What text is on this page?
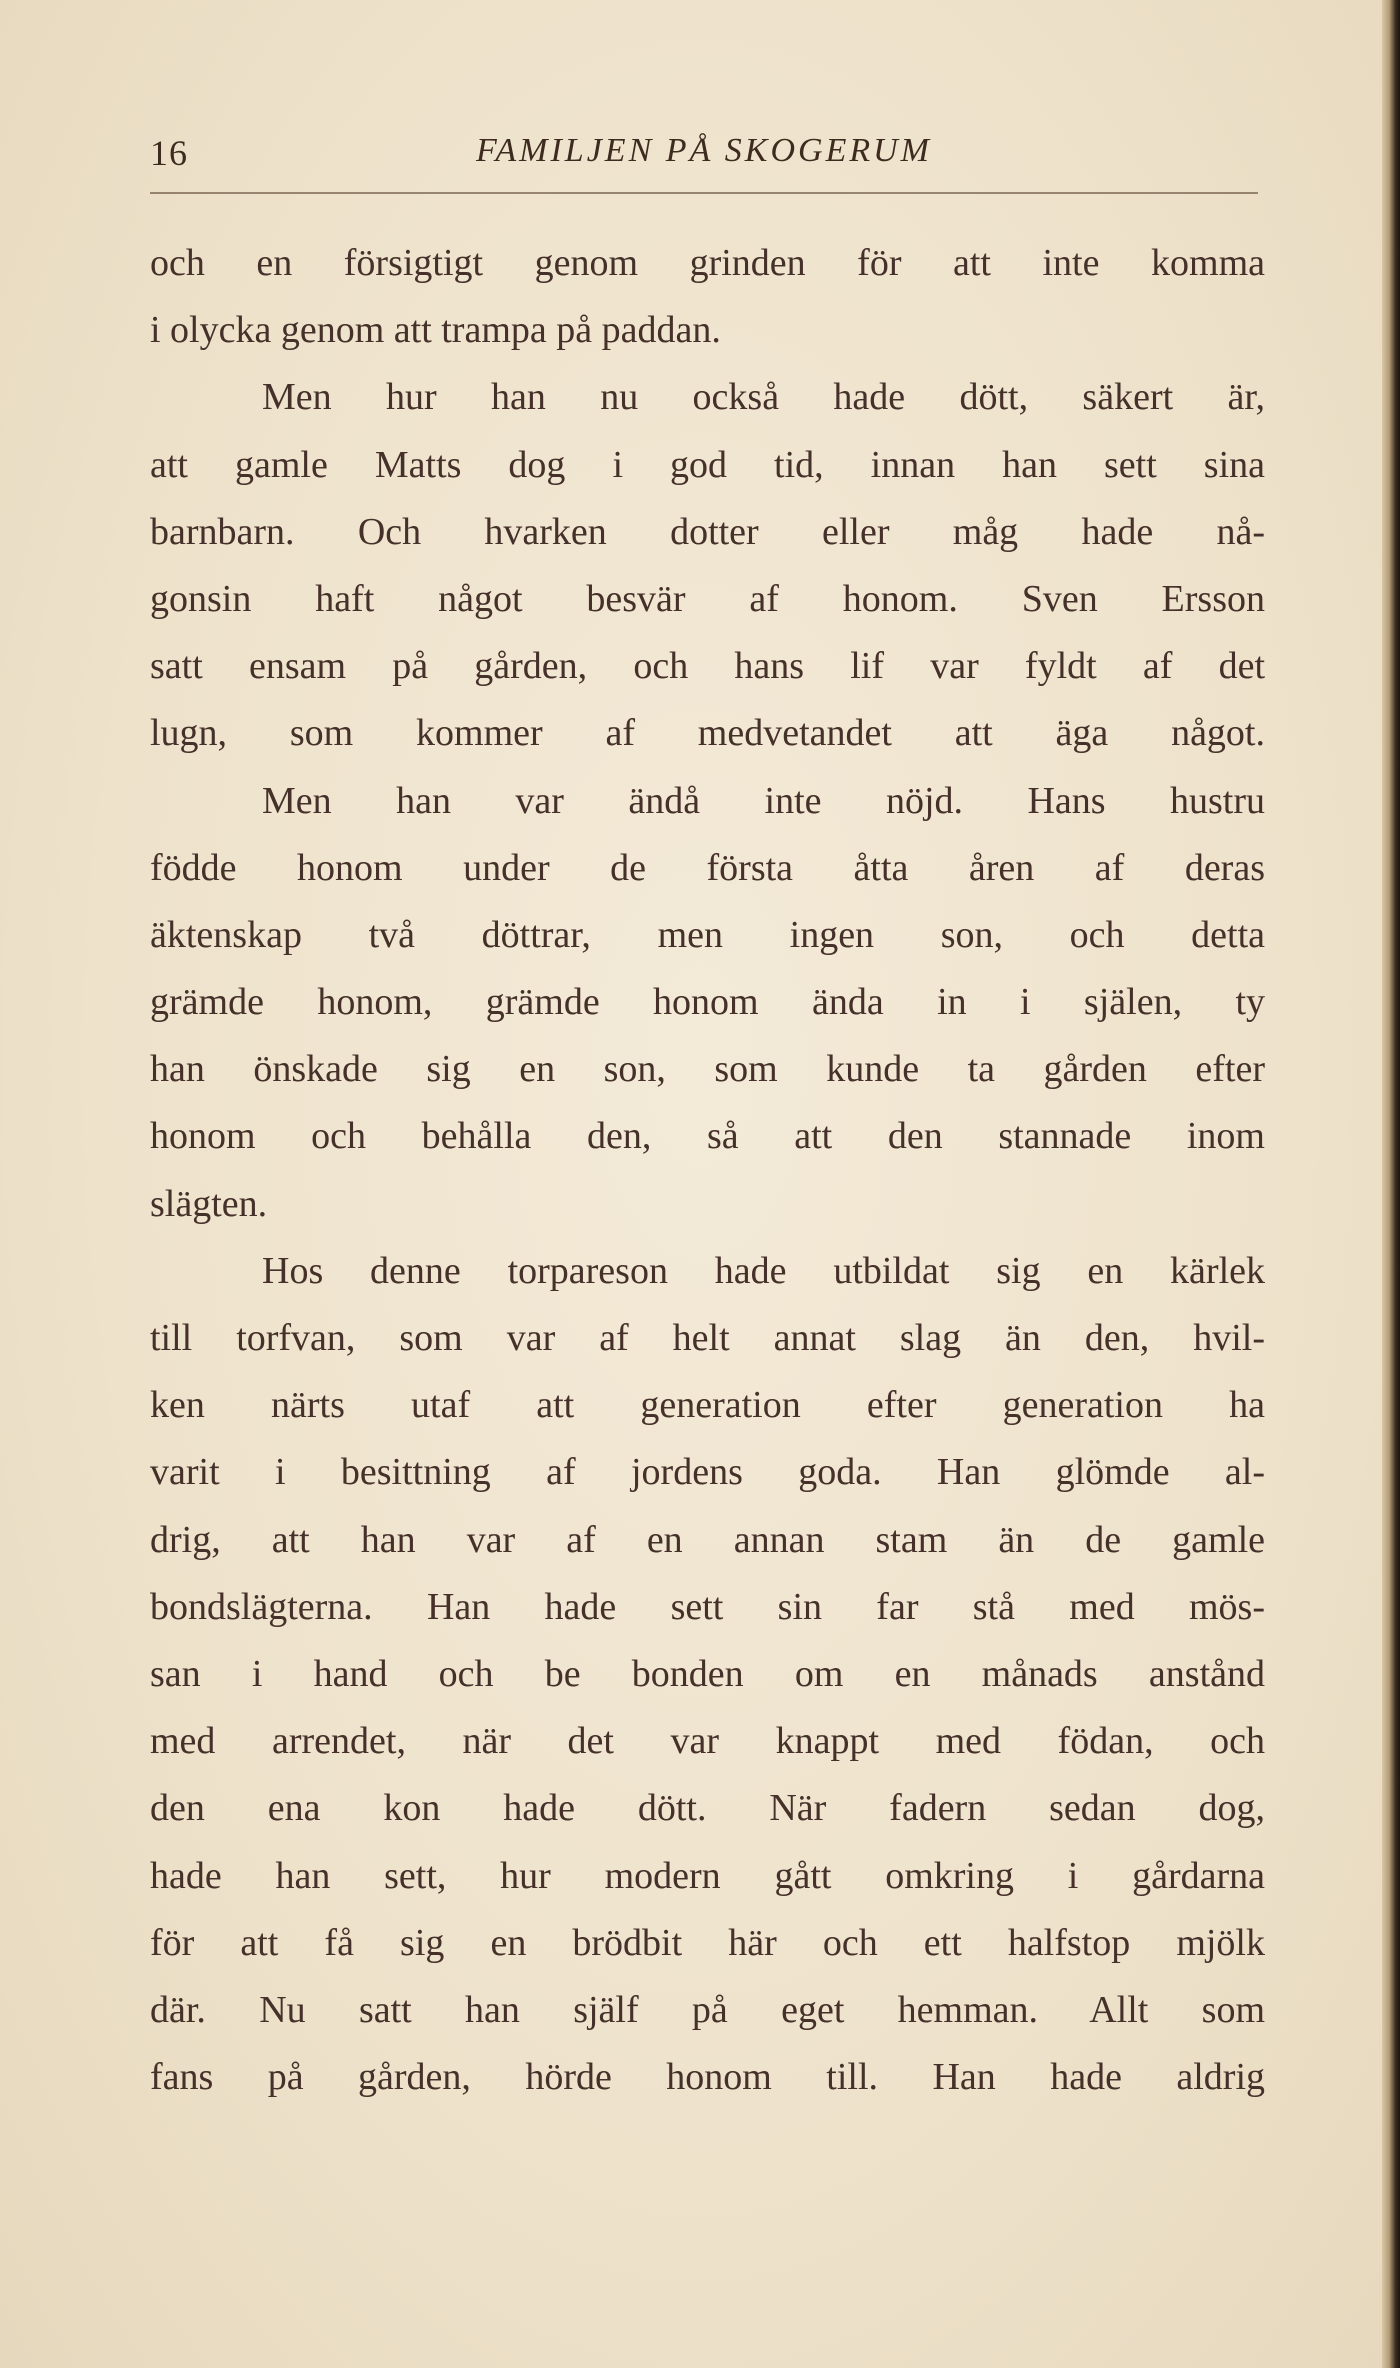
16	FAMILJEN PÅ SKOGERUM
och en försigtigt genom grinden för att inte komma
i olycka genom att trampa på paddan.
Men hur han nu också hade dött, säkert är,
att gamle Matts dog i god tid, innan han sett sina
barnbarn. Och hvarken dotter eller måg hade nå-
gonsin haft något besvär af honom. Sven Ersson
satt ensam på gården, och hans lif var fyldt af det
lugn, som kommer af medvetandet att äga något.
Men han var ändå inte nöjd. Hans hustru
födde honom under de första åtta åren af deras
äktenskap två döttrar, men ingen son, och detta
grämde honom, grämde honom ända in i själen, ty
han önskade sig en son, som kunde ta gården efter
honom och behålla den, så att den stannade inom
slägten.
Hos denne torpareson hade utbildat sig en kärlek
till torfvan, som var af helt annat slag än den, hvil-
ken närts utaf att generation efter generation ha
varit i besittning af jordens goda. Han glömde al-
drig, att han var af en annan stam än de gamle
bondslägterna. Han hade sett sin far stå med mös-
san i hand och be bonden om en månads anstånd
med arrendet, när det var knappt med födan, och
den ena kon hade dött. När fadern sedan dog,
hade han sett, hur modern gått omkring i gårdarna
för att få sig en brödbit här och ett halfstop mjölk
där. Nu satt han själf på eget hemman. Allt som
fans på gården, hörde honom till. Han hade aldrig
